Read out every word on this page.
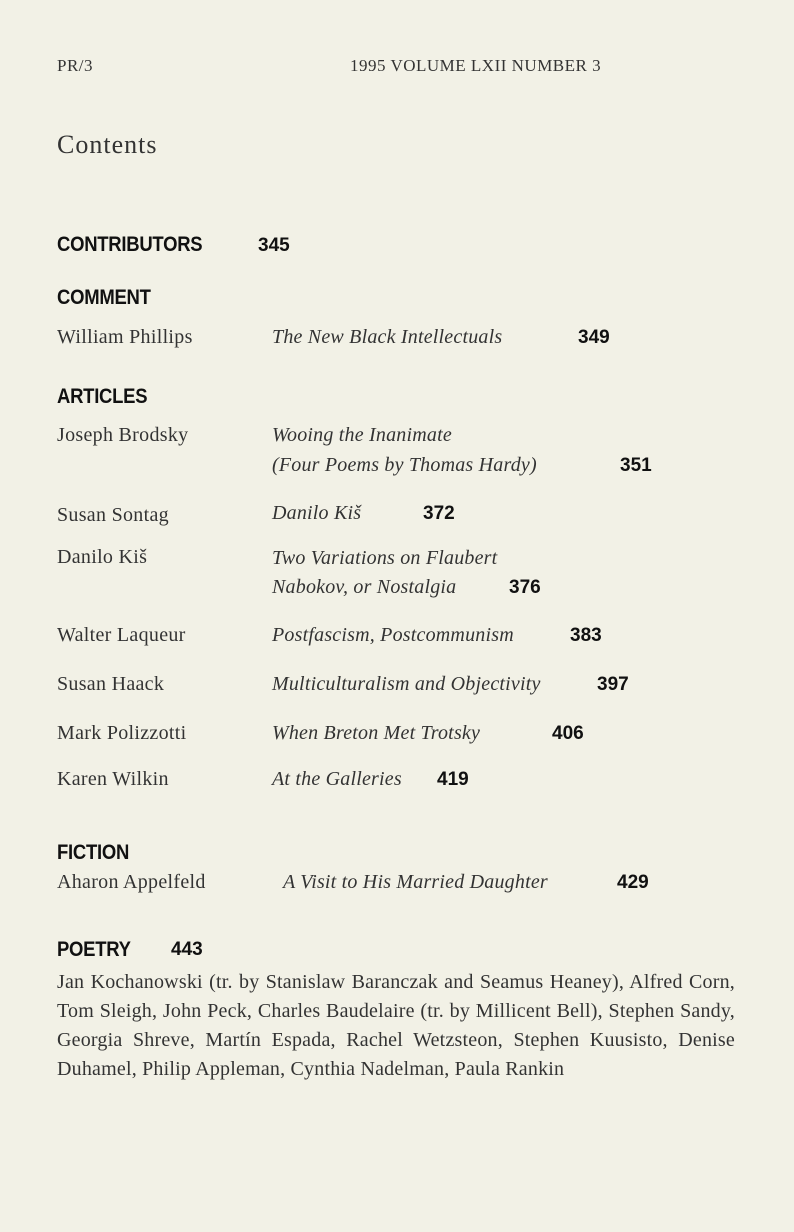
PR/3	1995 VOLUME LXII NUMBER 3
Contents
CONTRIBUTORS	345
COMMENT
William Phillips	The New Black Intellectuals	349
ARTICLES
Joseph Brodsky	Wooing the Inanimate
(Four Poems by Thomas Hardy)	351
Susan Sontag	Danilo Kiš	372
Danilo Kiš	Two Variations on Flaubert
Nabokov, or Nostalgia	376
Walter Laqueur	Postfascism, Postcommunism	383
Susan Haack	Multiculturalism and Objectivity	397
Mark Polizzotti	When Breton Met Trotsky	406
Karen Wilkin	At the Galleries 419
FICTION
Aharon Appelfeld	A Visit to His Married Daughter	429
POETRY 443
Jan Kochanowski (tr. by Stanislaw Baranczak and Seamus Heaney), Alfred Corn, Tom Sleigh, John Peck, Charles Baudelaire (tr. by Millicent Bell), Stephen Sandy, Georgia Shreve, Martín Espada, Rachel Wetzsteon, Stephen Kuusisto, Denise Duhamel, Philip Appleman, Cynthia Nadelman, Paula Rankin
